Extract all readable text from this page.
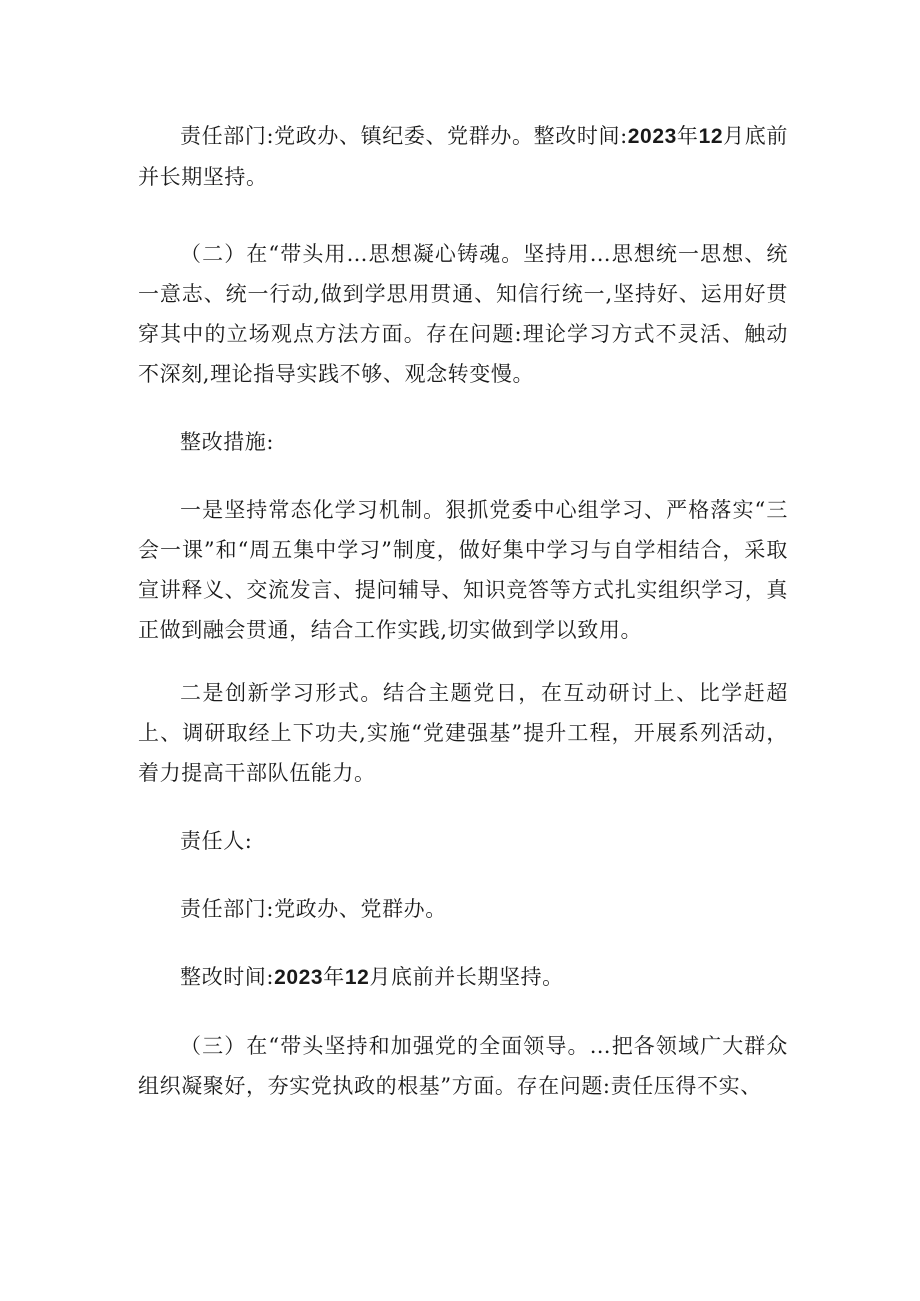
责任部门:党政办、镇纪委、党群办。整改时间:2023年12月底前并长期坚持。

（二）在“带头用…思想凝心铸魂。坚持用…思想统一思想、统一意志、统一行动,做到学思用贯通、知信行统一,坚持好、运用好贯穿其中的立场观点方法方面。存在问题:理论学习方式不灵活、触动不深刻,理论指导实践不够、观念转变慢。

整改措施:

一是坚持常态化学习机制。狠抓党委中心组学习、严格落实“三会一课”和“周五集中学习”制度，做好集中学习与自学相结合，采取宣讲释义、交流发言、提问辅导、知识竞答等方式扎实组织学习，真正做到融会贯通，结合工作实践,切实做到学以致用。

二是创新学习形式。结合主题党日，在互动研讨上、比学赶超上、调研取经上下功夫,实施“党建强基”提升工程，开展系列活动，着力提高干部队伍能力。

责任人:

责任部门:党政办、党群办。

整改时间:2023年12月底前并长期坚持。

（三）在“带头坚持和加强党的全面领导。…把各领域广大群众组织凝聚好，夯实党执政的根基”方面。存在问题:责任压得不实、
